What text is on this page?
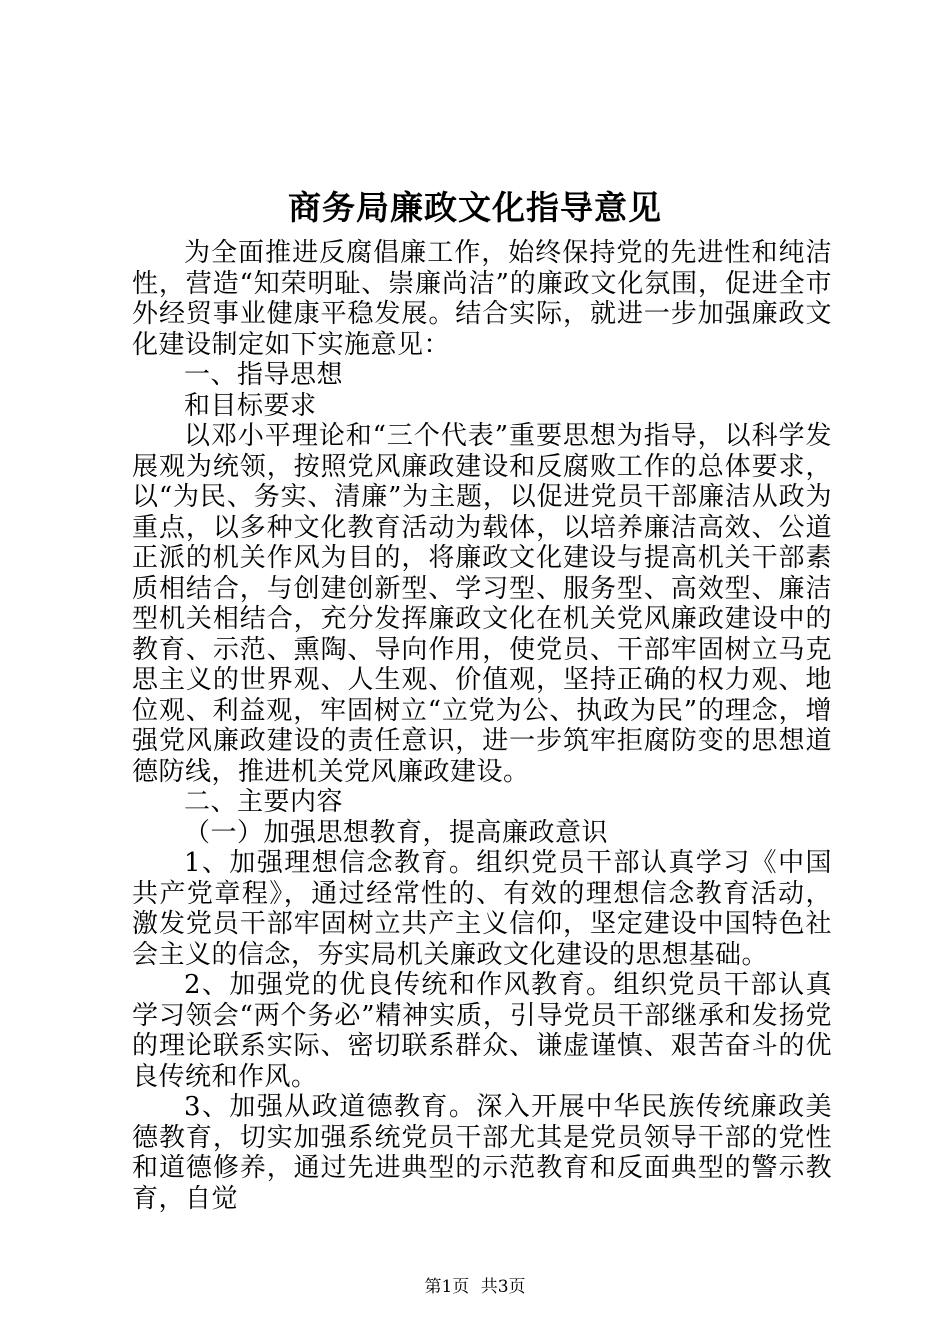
商务局廉政文化指导意见

为全面推进反腐倡廉工作，始终保持党的先进性和纯洁性，营造“知荣明耻、崇廉尚洁”的廉政文化氛围，促进全市外经贸事业健康平稳发展。结合实际，就进一步加强廉政文化建设制定如下实施意见：

一、指导思想

和目标要求

以邓小平理论和“三个代表”重要思想为指导，以科学发展观为统领，按照党风廉政建设和反腐败工作的总体要求，以“为民、务实、清廉”为主题，以促进党员干部廉洁从政为重点，以多种文化教育活动为载体，以培养廉洁高效、公道正派的机关作风为目的，将廉政文化建设与提高机关干部素质相结合，与创建创新型、学习型、服务型、高效型、廉洁型机关相结合，充分发挥廉政文化在机关党风廉政建设中的教育、示范、熏陶、导向作用，使党员、干部牢固树立马克思主义的世界观、人生观、价值观，坚持正确的权力观、地位观、利益观，牢固树立“立党为公、执政为民”的理念，增强党风廉政建设的责任意识，进一步筑牢拒腐防变的思想道德防线，推进机关党风廉政建设。

二、主要内容

（一）加强思想教育，提高廉政意识

1、加强理想信念教育。组织党员干部认真学习《中国共产党章程》，通过经常性的、有效的理想信念教育活动，激发党员干部牢固树立共产主义信仰，坚定建设中国特色社会主义的信念，夯实局机关廉政文化建设的思想基础。

2、加强党的优良传统和作风教育。组织党员干部认真学习领会“两个务必”精神实质，引导党员干部继承和发扬党的理论联系实际、密切联系群众、谦虚谨慎、艰苦奋斗的优良传统和作风。

3、加强从政道德教育。深入开展中华民族传统廉政美德教育，切实加强系统党员干部尤其是党员领导干部的党性和道德修养，通过先进典型的示范教育和反面典型的警示教育，自觉

第1页 共3页
